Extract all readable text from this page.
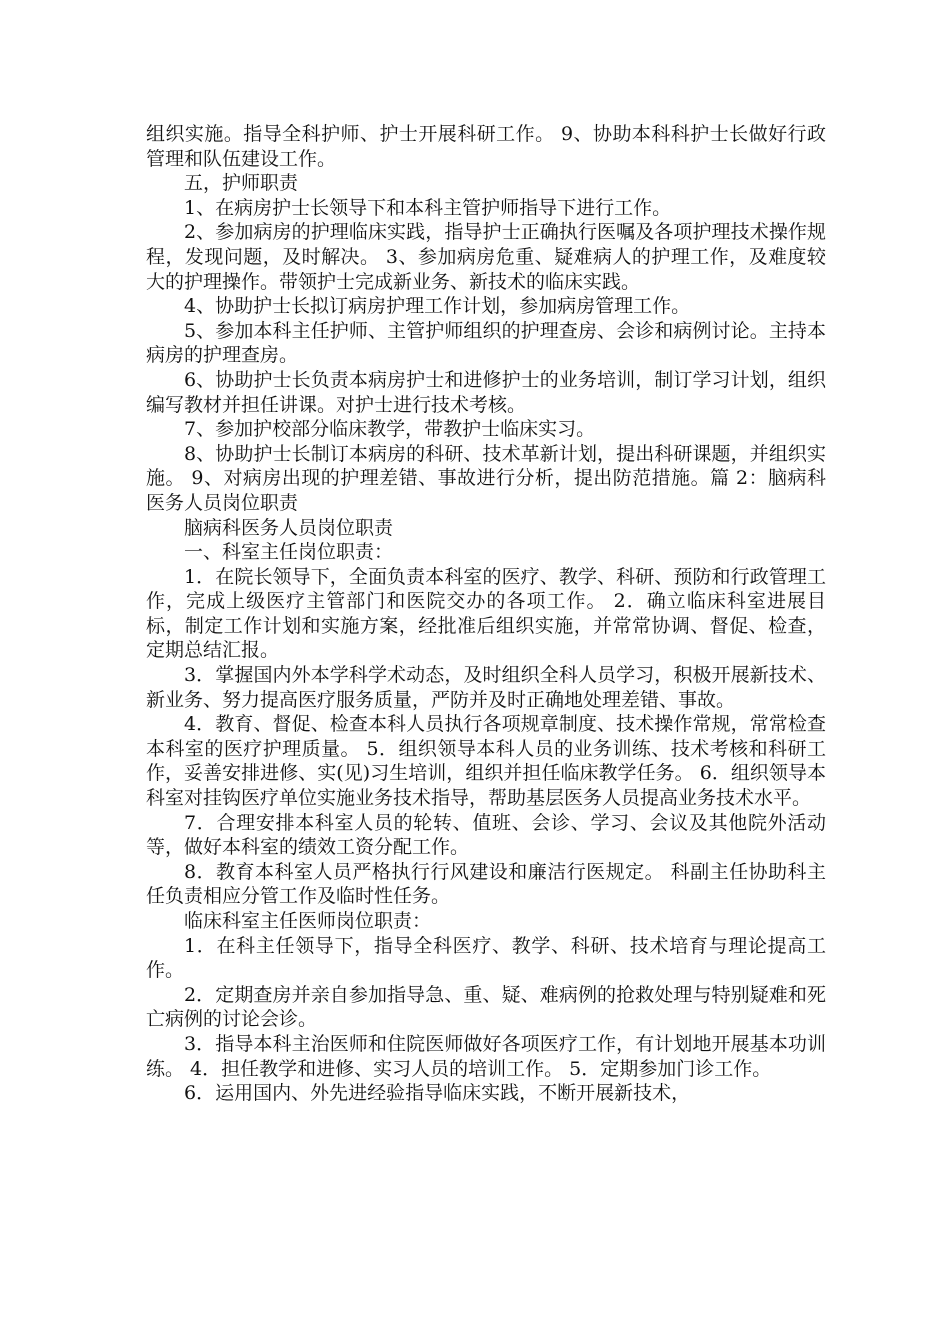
组织实施。指导全科护师、护士开展科研工作。 9、协助本科科护士长做好行政管理和队伍建设工作。

五，护师职责

1、在病房护士长领导下和本科主管护师指导下进行工作。

2、参加病房的护理临床实践，指导护士正确执行医嘱及各项护理技术操作规程，发现问题，及时解决。 3、参加病房危重、疑难病人的护理工作，及难度较大的护理操作。带领护士完成新业务、新技术的临床实践。

4、协助护士长拟订病房护理工作计划，参加病房管理工作。

5、参加本科主任护师、主管护师组织的护理查房、会诊和病例讨论。主持本病房的护理查房。

6、协助护士长负责本病房护士和进修护士的业务培训，制订学习计划，组织编写教材并担任讲课。对护士进行技术考核。

7、参加护校部分临床教学，带教护士临床实习。

8、协助护士长制订本病房的科研、技术革新计划，提出科研课题，并组织实施。 9、对病房出现的护理差错、事故进行分析，提出防范措施。篇 2：脑病科医务人员岗位职责

脑病科医务人员岗位职责

一、科室主任岗位职责：

1．在院长领导下，全面负责本科室的医疗、教学、科研、预防和行政管理工作，完成上级医疗主管部门和医院交办的各项工作。 2．确立临床科室进展目标，制定工作计划和实施方案，经批准后组织实施，并常常协调、督促、检查，定期总结汇报。

3．掌握国内外本学科学术动态，及时组织全科人员学习，积极开展新技术、新业务、努力提高医疗服务质量，严防并及时正确地处理差错、事故。

4．教育、督促、检查本科人员执行各项规章制度、技术操作常规，常常检查本科室的医疗护理质量。 5．组织领导本科人员的业务训练、技术考核和科研工作，妥善安排进修、实(见)习生培训，组织并担任临床教学任务。 6．组织领导本科室对挂钩医疗单位实施业务技术指导，帮助基层医务人员提高业务技术水平。

7．合理安排本科室人员的轮转、值班、会诊、学习、会议及其他院外活动等，做好本科室的绩效工资分配工作。

8．教育本科室人员严格执行行风建设和廉洁行医规定。 科副主任协助科主任负责相应分管工作及临时性任务。

临床科室主任医师岗位职责：

1．在科主任领导下，指导全科医疗、教学、科研、技术培育与理论提高工作。

2．定期查房并亲自参加指导急、重、疑、难病例的抢救处理与特别疑难和死亡病例的讨论会诊。

3．指导本科主治医师和住院医师做好各项医疗工作，有计划地开展基本功训练。 4．担任教学和进修、实习人员的培训工作。 5．定期参加门诊工作。

6．运用国内、外先进经验指导临床实践，不断开展新技术，
